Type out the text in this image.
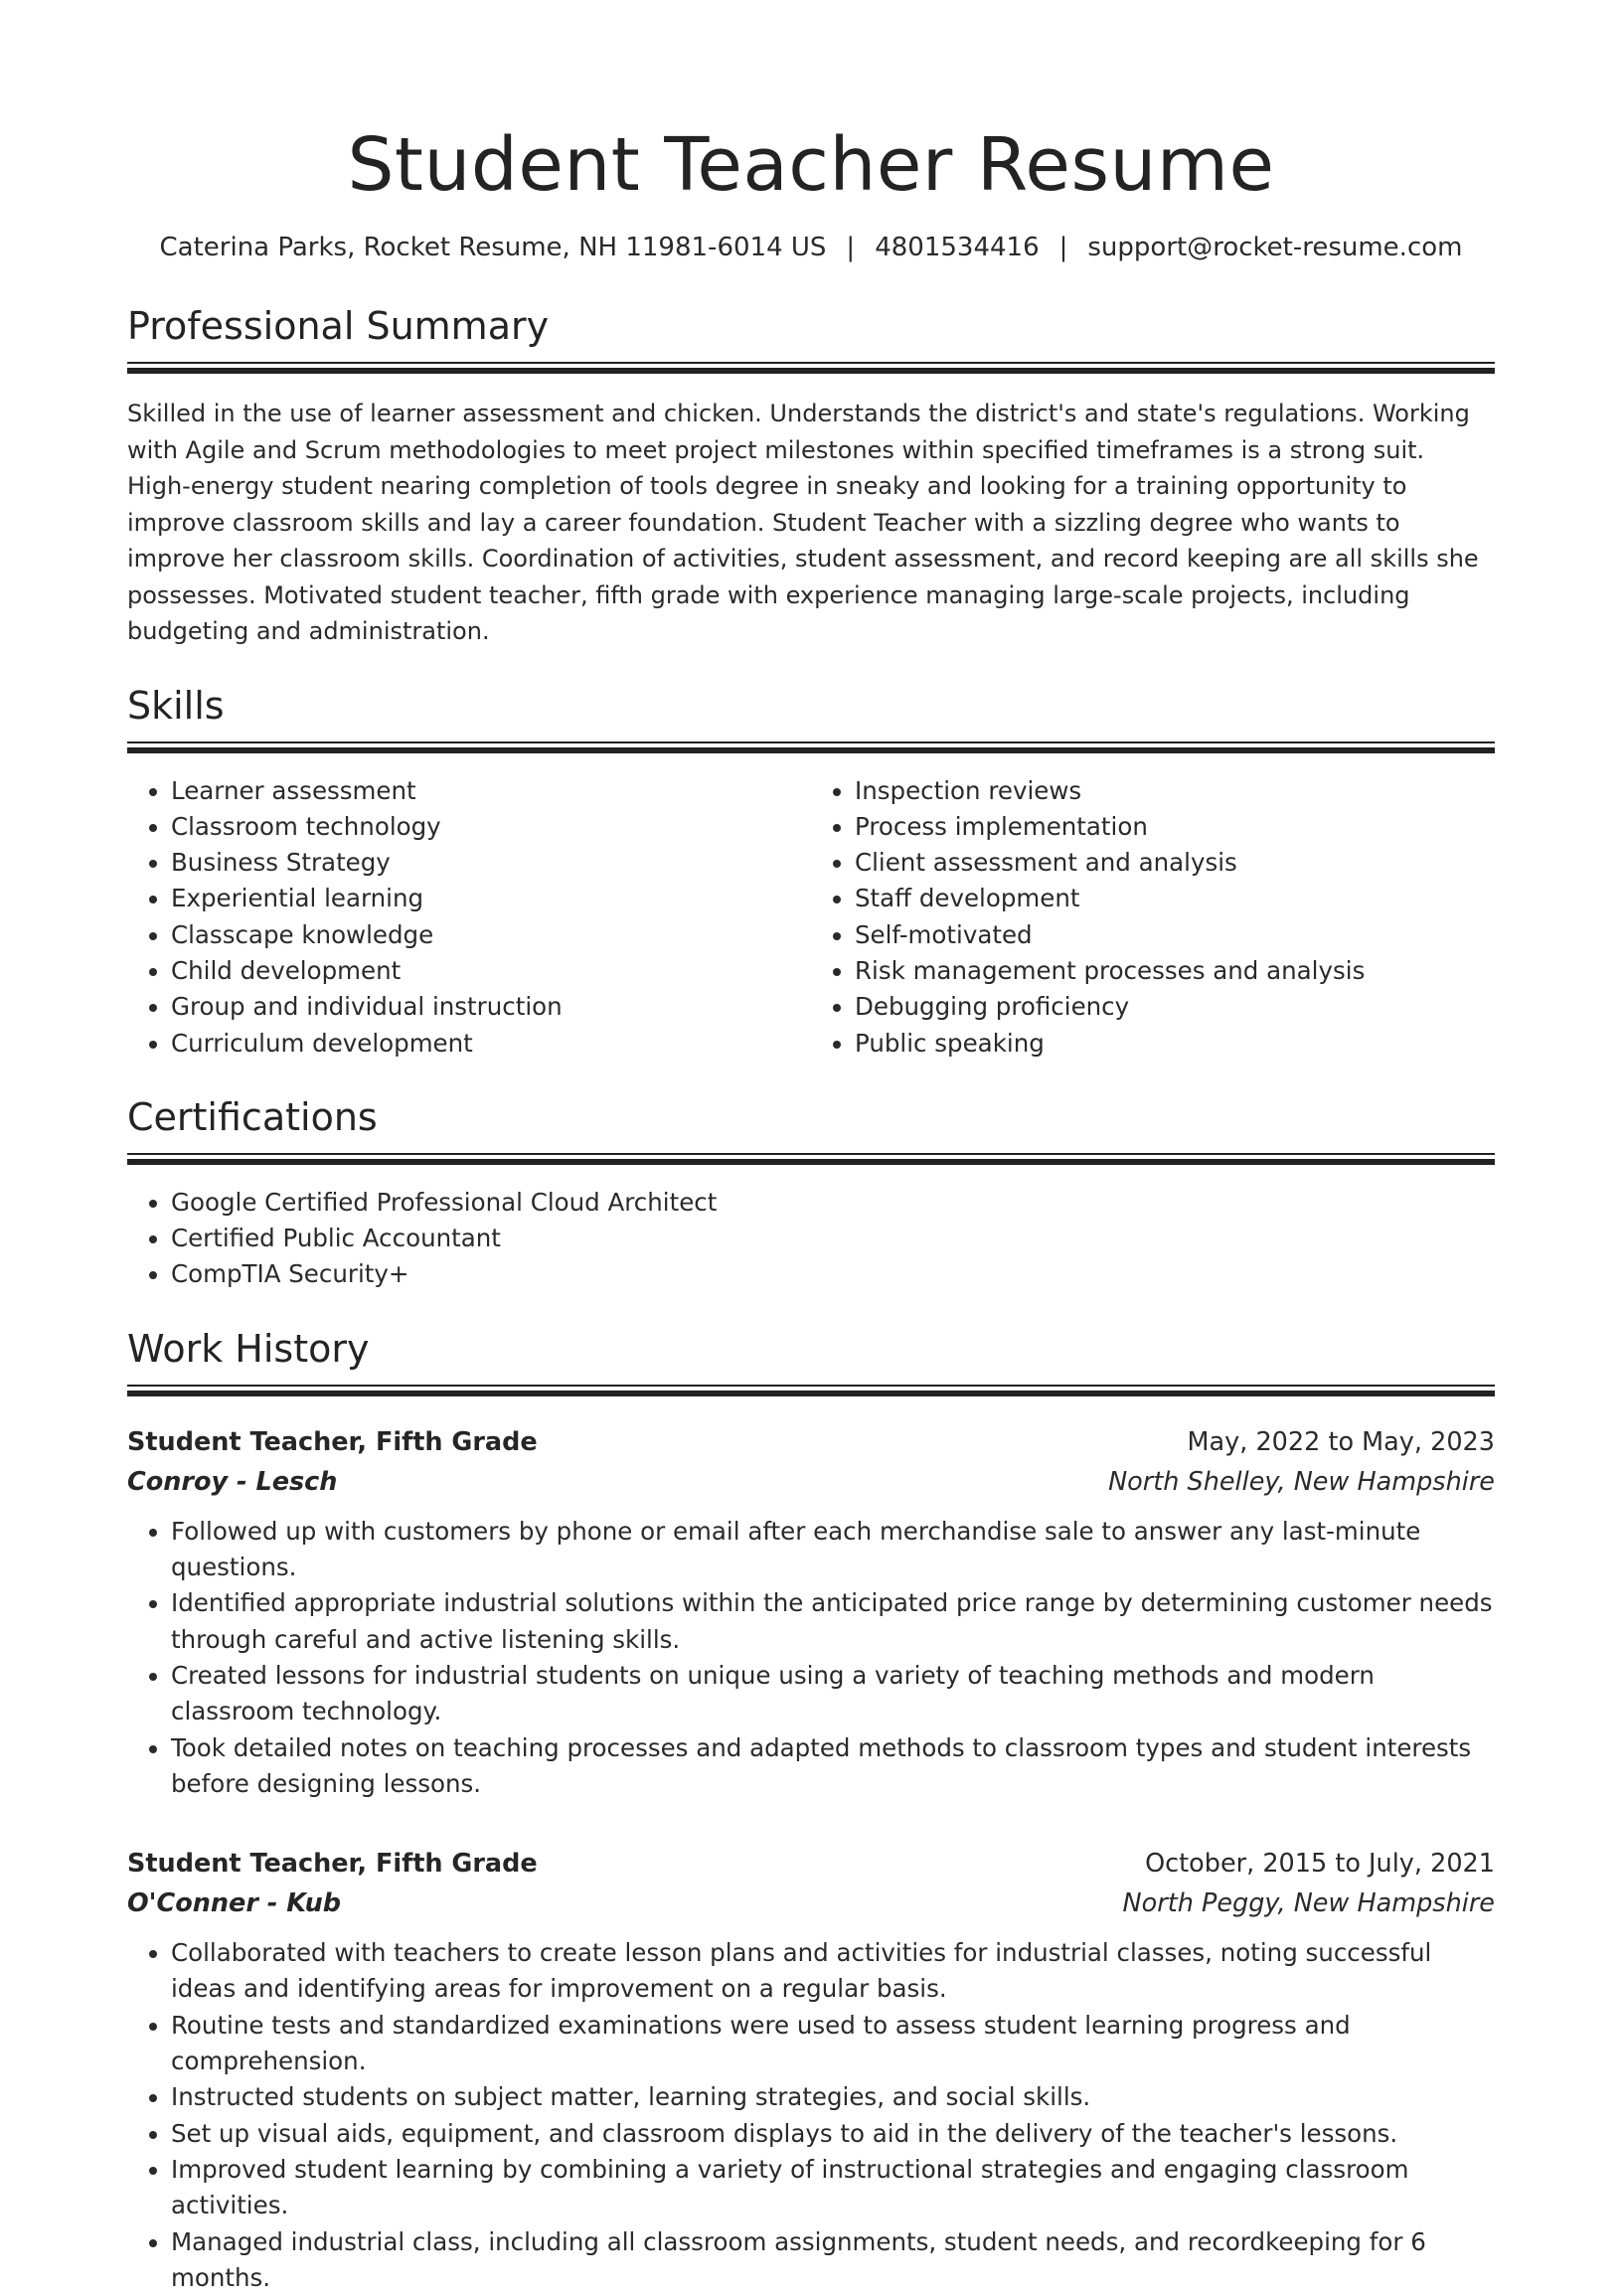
Student Teacher Resume
Caterina Parks, Rocket Resume, NH 11981-6014 US | 4801534416 | support@rocket-resume.com
Professional Summary
Skilled in the use of learner assessment and chicken. Understands the district's and state's regulations. Working with Agile and Scrum methodologies to meet project milestones within specified timeframes is a strong suit. High-energy student nearing completion of tools degree in sneaky and looking for a training opportunity to improve classroom skills and lay a career foundation. Student Teacher with a sizzling degree who wants to improve her classroom skills. Coordination of activities, student assessment, and record keeping are all skills she possesses. Motivated student teacher, fifth grade with experience managing large-scale projects, including budgeting and administration.
Skills
• Learner assessment
• Classroom technology
• Business Strategy
• Experiential learning
• Classcape knowledge
• Child development
• Group and individual instruction
• Curriculum development
• Inspection reviews
• Process implementation
• Client assessment and analysis
• Staff development
• Self-motivated
• Risk management processes and analysis
• Debugging proficiency
• Public speaking
Certifications
• Google Certified Professional Cloud Architect
• Certified Public Accountant
• CompTIA Security+
Work History
Student Teacher, Fifth Grade	May, 2022 to May, 2023
Conroy - Lesch	North Shelley, New Hampshire
• Followed up with customers by phone or email after each merchandise sale to answer any last-minute questions.
• Identified appropriate industrial solutions within the anticipated price range by determining customer needs through careful and active listening skills.
• Created lessons for industrial students on unique using a variety of teaching methods and modern classroom technology.
• Took detailed notes on teaching processes and adapted methods to classroom types and student interests before designing lessons.
Student Teacher, Fifth Grade	October, 2015 to July, 2021
O'Conner - Kub	North Peggy, New Hampshire
• Collaborated with teachers to create lesson plans and activities for industrial classes, noting successful ideas and identifying areas for improvement on a regular basis.
• Routine tests and standardized examinations were used to assess student learning progress and comprehension.
• Instructed students on subject matter, learning strategies, and social skills.
• Set up visual aids, equipment, and classroom displays to aid in the delivery of the teacher's lessons.
• Improved student learning by combining a variety of instructional strategies and engaging classroom activities.
• Managed industrial class, including all classroom assignments, student needs, and recordkeeping for 6 months.
